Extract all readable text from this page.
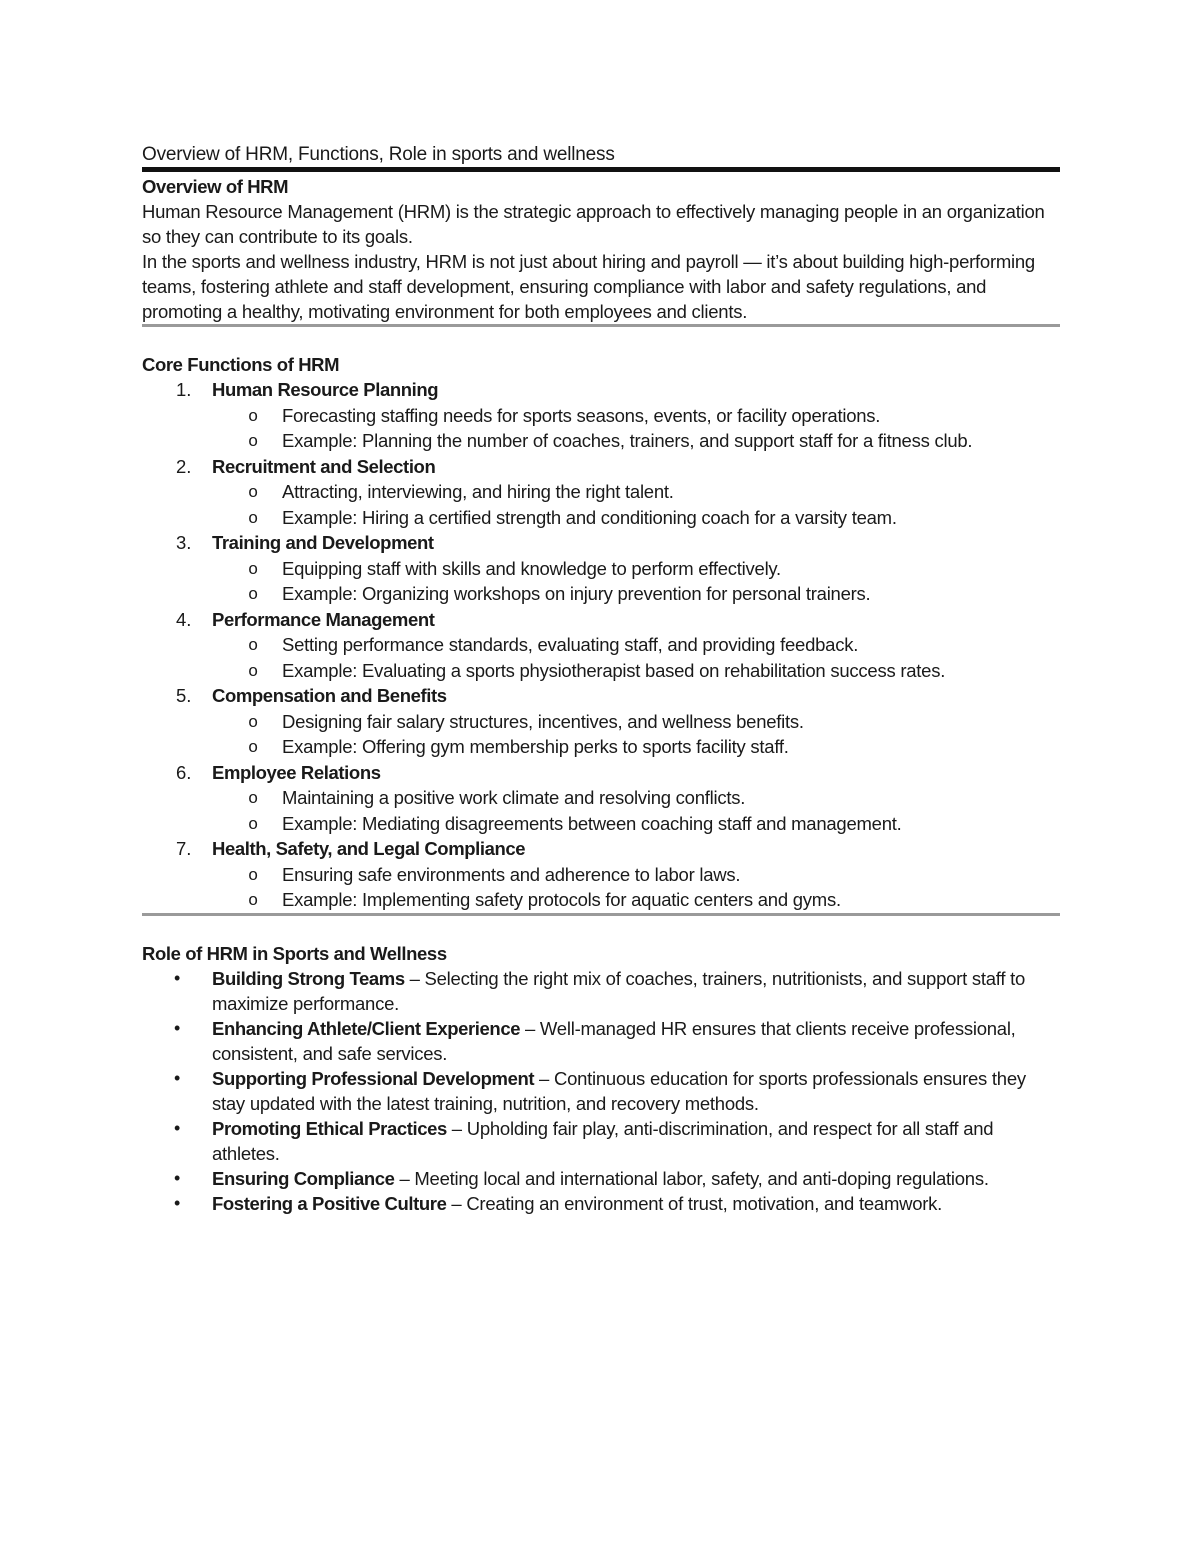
Overview of HRM, Functions, Role in sports and wellness

Overview of HRM

Human Resource Management (HRM) is the strategic approach to effectively managing people in an organization so they can contribute to its goals.

In the sports and wellness industry, HRM is not just about hiring and payroll — it’s about building high-performing teams, fostering athlete and staff development, ensuring compliance with labor and safety regulations, and promoting a healthy, motivating environment for both employees and clients.

Core Functions of HRM

1. Human Resource Planning
o Forecasting staffing needs for sports seasons, events, or facility operations.
o Example: Planning the number of coaches, trainers, and support staff for a fitness club.
2. Recruitment and Selection
o Attracting, interviewing, and hiring the right talent.
o Example: Hiring a certified strength and conditioning coach for a varsity team.
3. Training and Development
o Equipping staff with skills and knowledge to perform effectively.
o Example: Organizing workshops on injury prevention for personal trainers.
4. Performance Management
o Setting performance standards, evaluating staff, and providing feedback.
o Example: Evaluating a sports physiotherapist based on rehabilitation success rates.
5. Compensation and Benefits
o Designing fair salary structures, incentives, and wellness benefits.
o Example: Offering gym membership perks to sports facility staff.
6. Employee Relations
o Maintaining a positive work climate and resolving conflicts.
o Example: Mediating disagreements between coaching staff and management.
7. Health, Safety, and Legal Compliance
o Ensuring safe environments and adherence to labor laws.
o Example: Implementing safety protocols for aquatic centers and gyms.

Role of HRM in Sports and Wellness

• Building Strong Teams – Selecting the right mix of coaches, trainers, nutritionists, and support staff to maximize performance.
• Enhancing Athlete/Client Experience – Well-managed HR ensures that clients receive professional, consistent, and safe services.
• Supporting Professional Development – Continuous education for sports professionals ensures they stay updated with the latest training, nutrition, and recovery methods.
• Promoting Ethical Practices – Upholding fair play, anti-discrimination, and respect for all staff and athletes.
• Ensuring Compliance – Meeting local and international labor, safety, and anti-doping regulations.
• Fostering a Positive Culture – Creating an environment of trust, motivation, and teamwork.
